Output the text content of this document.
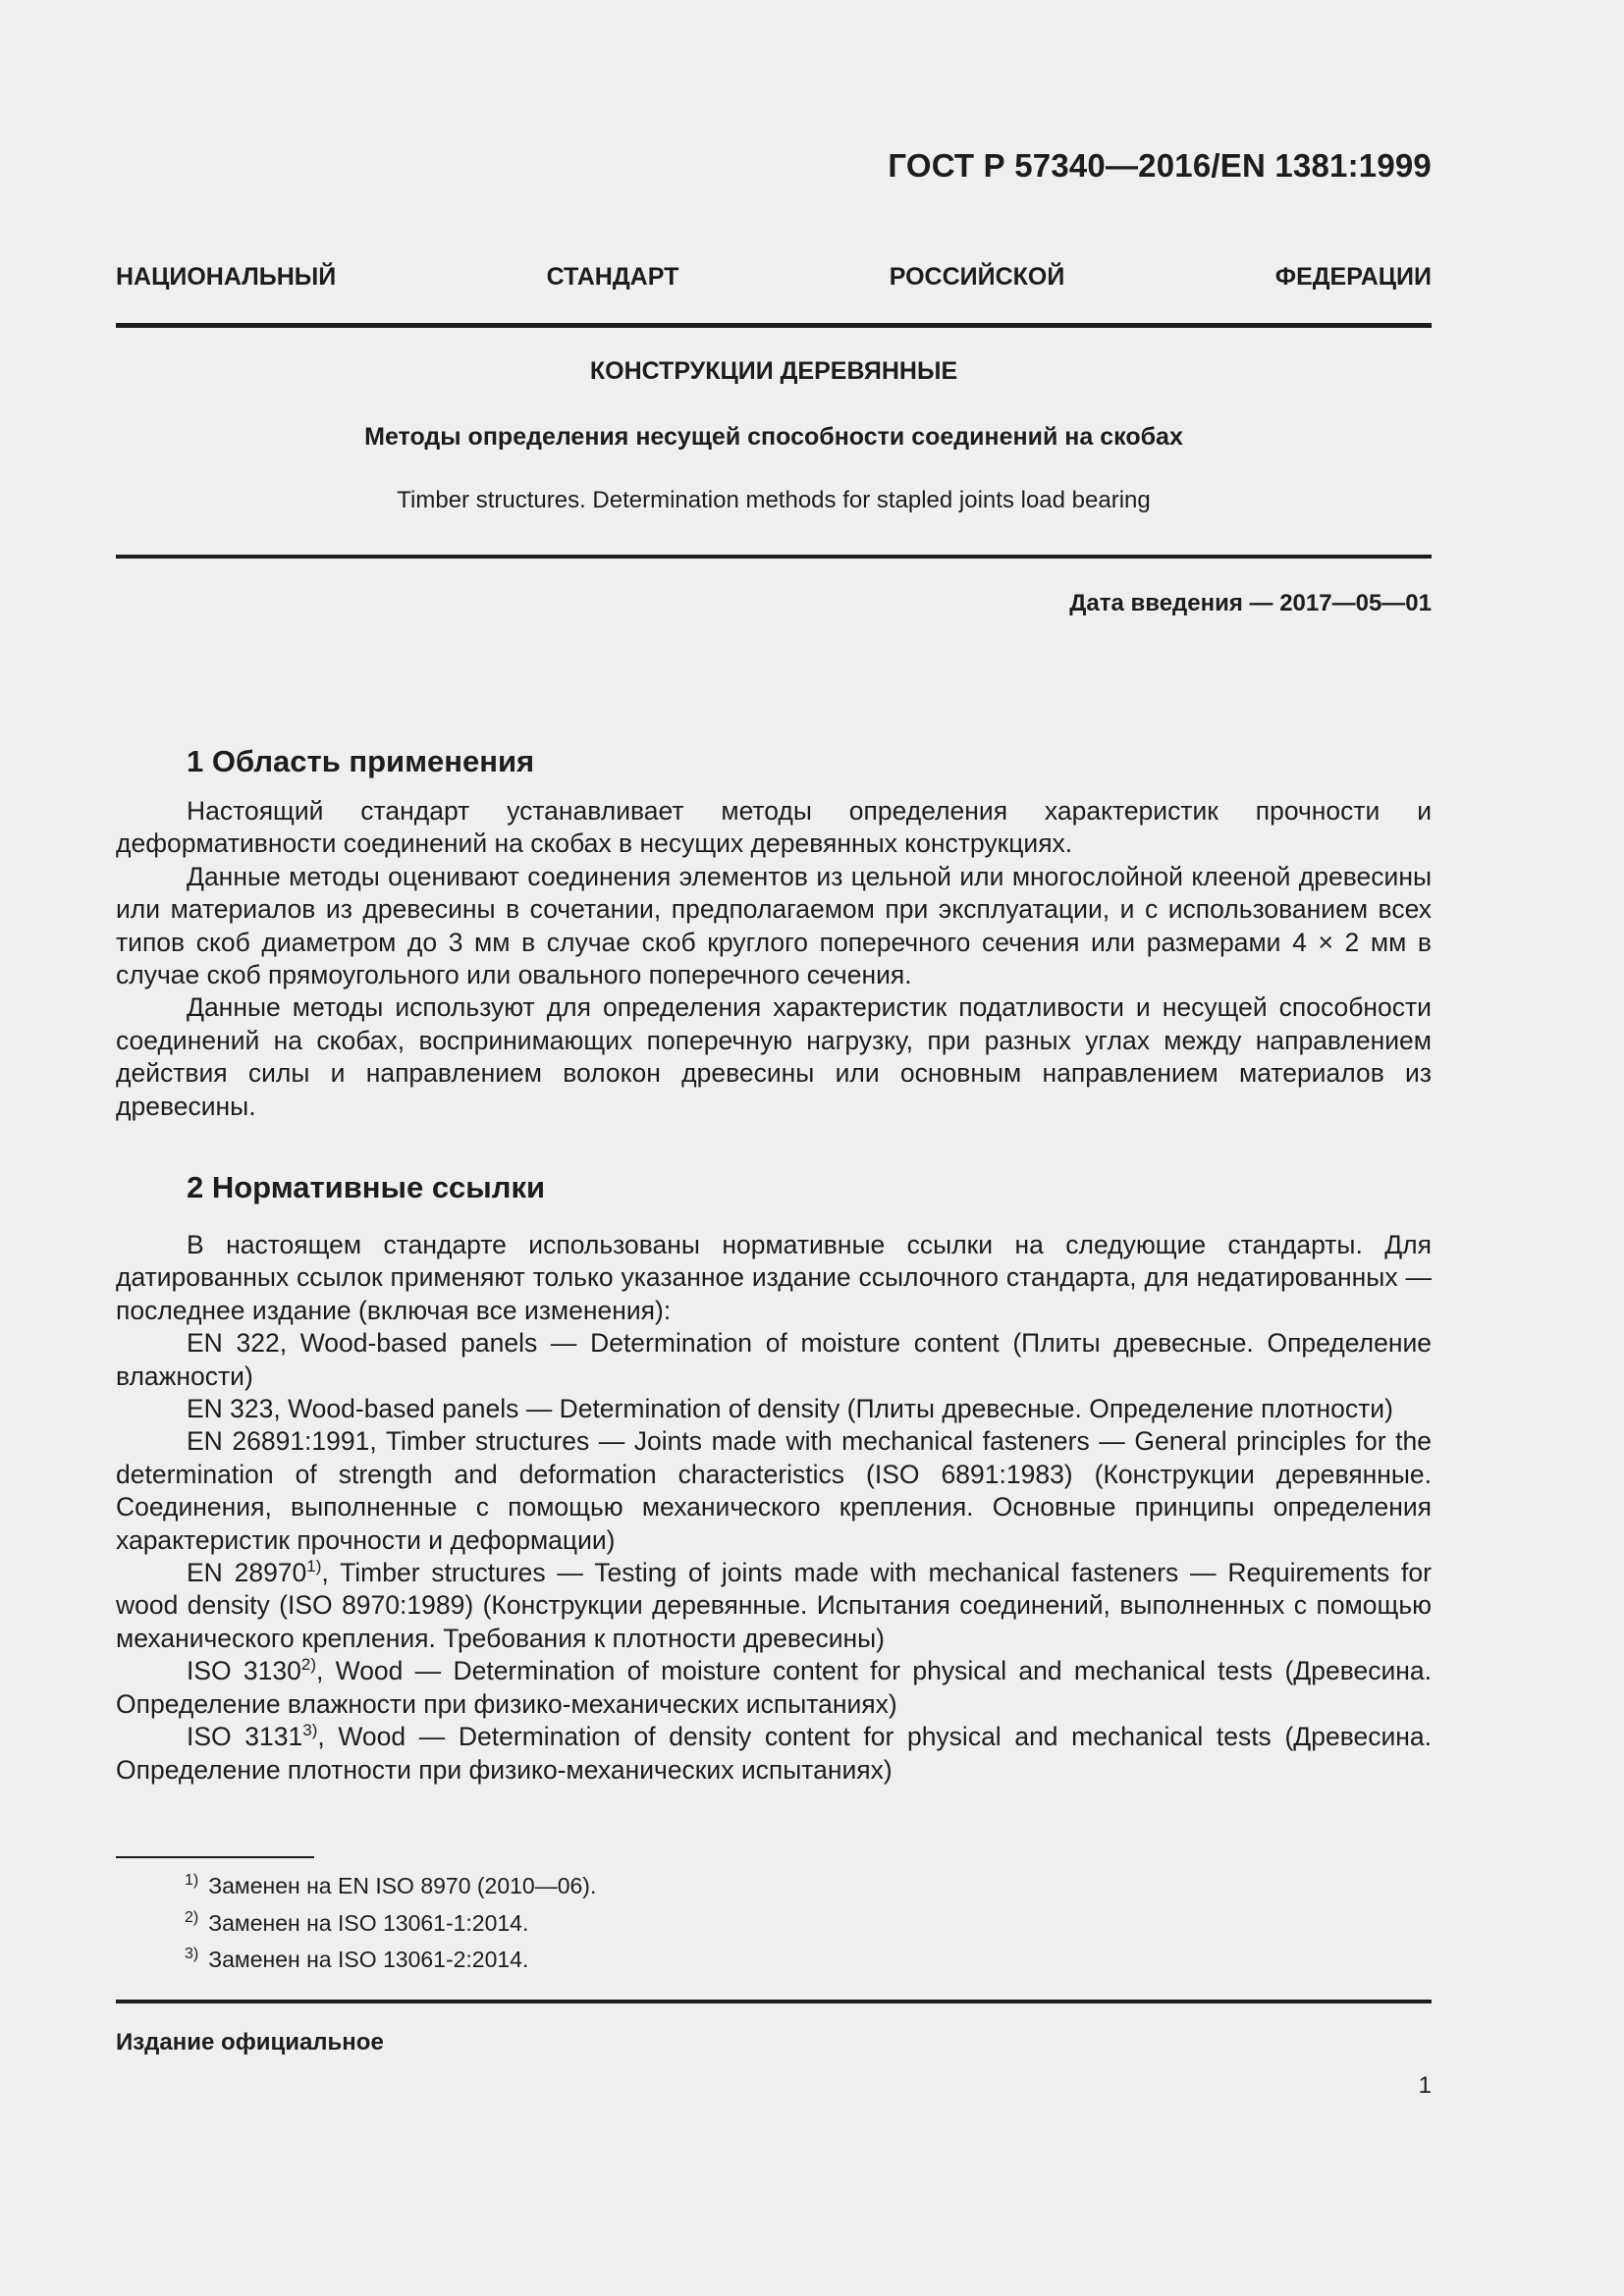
ГОСТ Р 57340—2016/EN 1381:1999
НАЦИОНАЛЬНЫЙ	СТАНДАРТ	РОССИЙСКОЙ	ФЕДЕРАЦИИ
КОНСТРУКЦИИ ДЕРЕВЯННЫЕ
Методы определения несущей способности соединений на скобах
Timber structures. Determination methods for stapled joints load bearing
Дата введения — 2017—05—01
1 Область применения

Настоящий стандарт устанавливает методы определения характеристик прочности и деформативности соединений на скобах в несущих деревянных конструкциях.

Данные методы оценивают соединения элементов из цельной или многослойной клееной древесины или материалов из древесины в сочетании, предполагаемом при эксплуатации, и с использованием всех типов скоб диаметром до 3 мм в случае скоб круглого поперечного сечения или размерами 4 × 2 мм в случае скоб прямоугольного или овального поперечного сечения.

Данные методы используют для определения характеристик податливости и несущей способности соединений на скобах, воспринимающих поперечную нагрузку, при разных углах между направлением действия силы и направлением волокон древесины или основным направлением материалов из древесины.

2 Нормативные ссылки

В настоящем стандарте использованы нормативные ссылки на следующие стандарты. Для датированных ссылок применяют только указанное издание ссылочного стандарта, для недатированных — последнее издание (включая все изменения):

EN 322, Wood-based panels — Determination of moisture content (Плиты древесные. Определение влажности)

EN 323, Wood-based panels — Determination of density (Плиты древесные. Определение плотности)

EN 26891:1991, Timber structures — Joints made with mechanical fasteners — General principles for the determination of strength and deformation characteristics (ISO 6891:1983) (Конструкции деревянные. Соединения, выполненные с помощью механического крепления. Основные принципы определения характеристик прочности и деформации)

EN 28970$^{1)}$, Timber structures — Testing of joints made with mechanical fasteners — Requirements for wood density (ISO 8970:1989) (Конструкции деревянные. Испытания соединений, выполненных с помощью механического крепления. Требования к плотности древесины)

ISO 3130$^{2)}$, Wood — Determination of moisture content for physical and mechanical tests (Древесина. Определение влажности при физико-механических испытаниях)

ISO 3131$^{3)}$, Wood — Determination of density content for physical and mechanical tests (Древесина. Определение плотности при физико-механических испытаниях)

$^{1)}$ Заменен на EN ISO 8970 (2010—06).
$^{2)}$ Заменен на ISO 13061-1:2014.
$^{3)}$ Заменен на ISO 13061-2:2014.
Издание официальное
1
